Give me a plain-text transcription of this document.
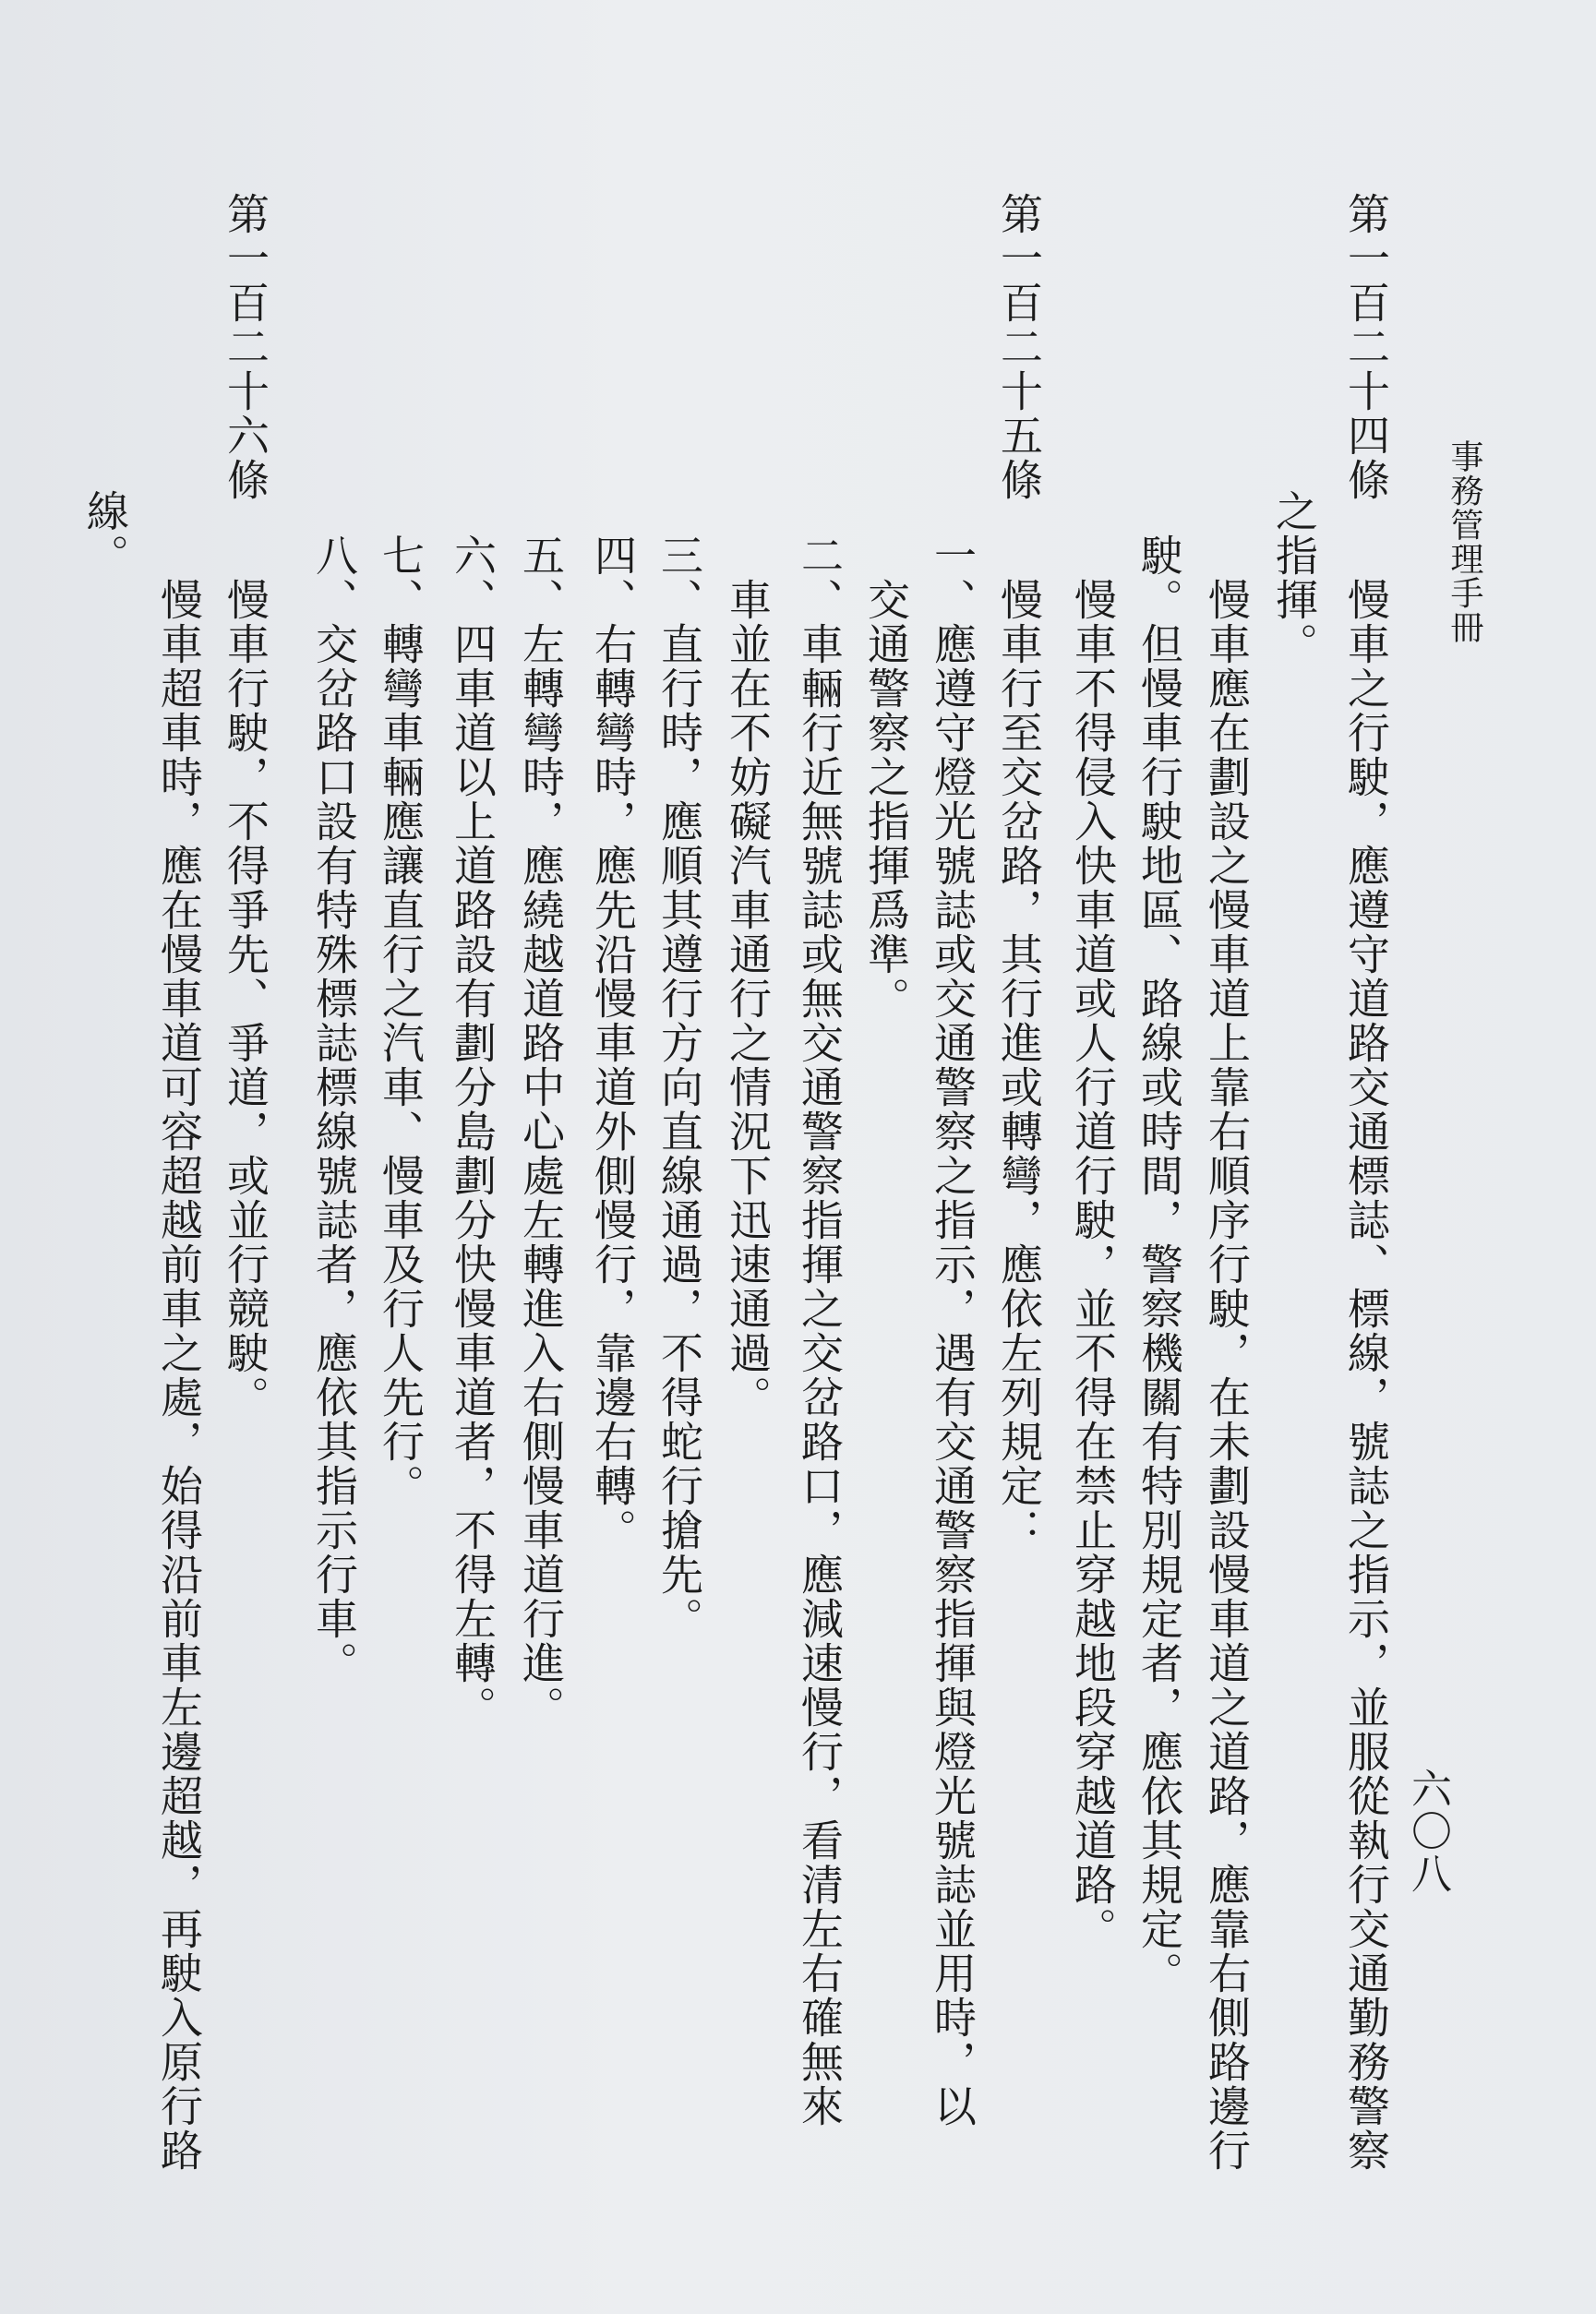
六〇八
事務管理手冊
第一百二十四條
慢車之行駛，應遵守道路交通標誌、標線，號誌之指示，並服從執行交通勤務警察
之指揮。
慢車應在劃設之慢車道上靠右順序行駛，在未劃設慢車道之道路，應靠右側路邊行
駛。但慢車行駛地區、路線或時間，警察機關有特別規定者，應依其規定。
慢車不得侵入快車道或人行道行駛，並不得在禁止穿越地段穿越道路。
第一百二十五條
慢車行至交岔路，其行進或轉彎，應依左列規定：
一、應遵守燈光號誌或交通警察之指示，遇有交通警察指揮與燈光號誌並用時，以
交通警察之指揮爲準。
二、車輛行近無號誌或無交通警察指揮之交岔路口，應減速慢行，看清左右確無來
車並在不妨礙汽車通行之情況下迅速通過。
三、直行時，應順其遵行方向直線通過，不得蛇行搶先。
四、右轉彎時，應先沿慢車道外側慢行，靠邊右轉。
五、左轉彎時，應繞越道路中心處左轉進入右側慢車道行進。
六、四車道以上道路設有劃分島劃分快慢車道者，不得左轉。
七、轉彎車輛應讓直行之汽車、慢車及行人先行。
八、交岔路口設有特殊標誌標線號誌者，應依其指示行車。
第一百二十六條
慢車行駛，不得爭先、爭道，或並行競駛。
慢車超車時，應在慢車道可容超越前車之處，始得沿前車左邊超越，再駛入原行路
線。
